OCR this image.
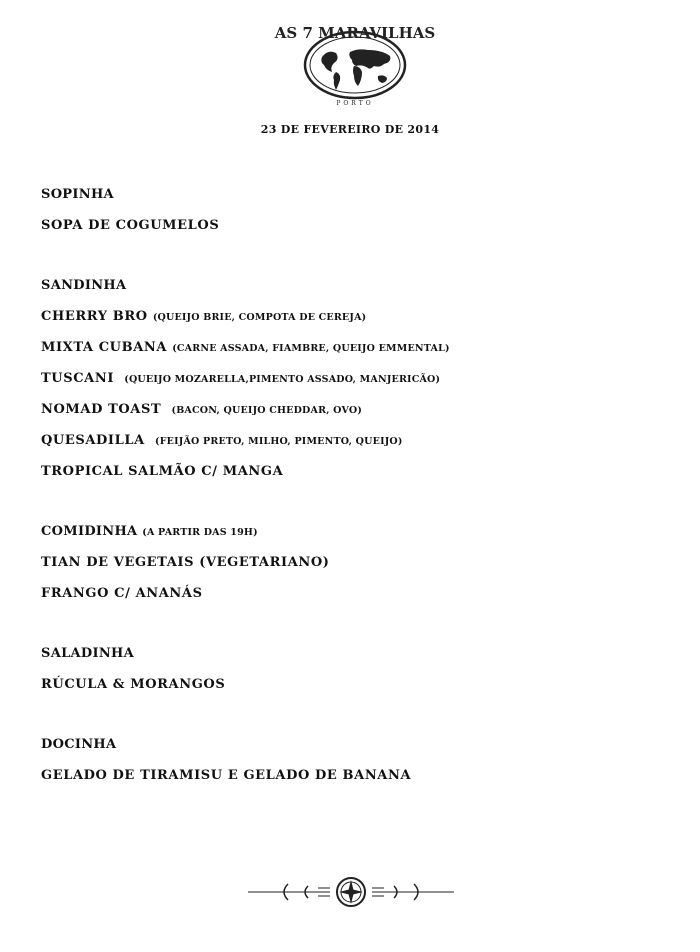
AS 7 MARAVILHAS
PORTO
23 DE FEVEREIRO DE 2014
SOPINHA
SOPA DE COGUMELOS
SANDINHA
CHERRY BRO (QUEIJO BRIE, COMPOTA DE CEREJA)
MIXTA CUBANA (CARNE ASSADA, FIAMBRE, QUEIJO EMMENTAL)
TUSCANI (QUEIJO MOZARELLA,PIMENTO ASSADO, MANJERICÃO)
NOMAD TOAST (BACON, QUEIJO CHEDDAR, OVO)
QUESADILLA (FEIJÃO PRETO, MILHO, PIMENTO, QUEIJO)
TROPICAL SALMÃO C/ MANGA
COMIDINHA (A PARTIR DAS 19H)
TIAN DE VEGETAIS (VEGETARIANO)
FRANGO C/ ANANÁS
SALADINHA
RÚCULA & MORANGOS
DOCINHA
GELADO DE TIRAMISU E GELADO DE BANANA
